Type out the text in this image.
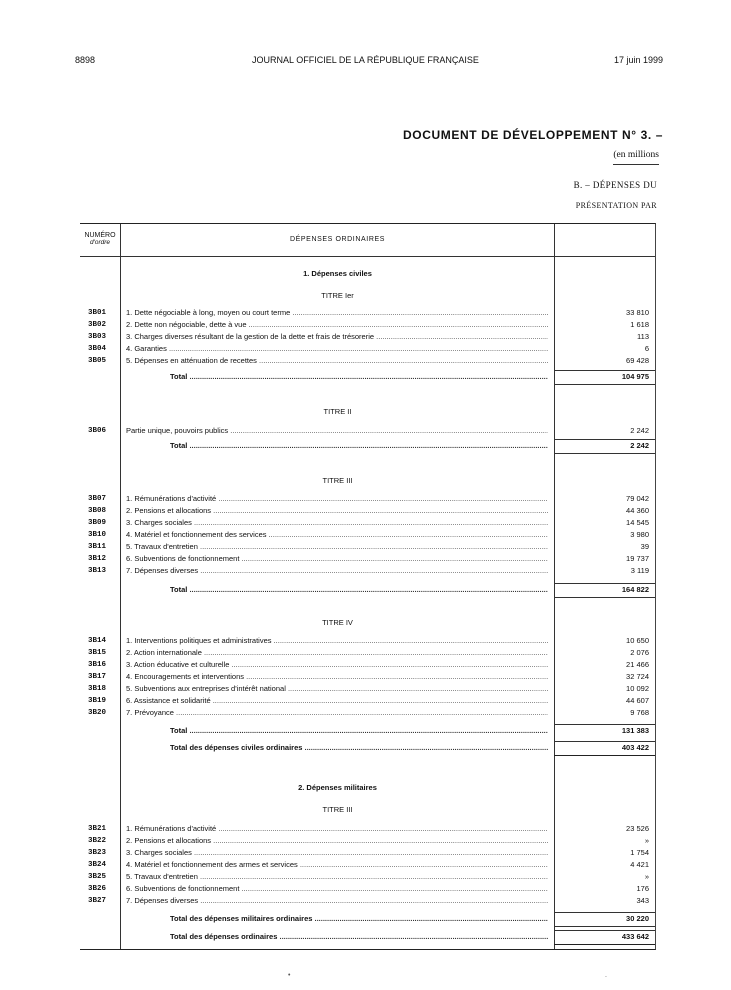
8898	JOURNAL OFFICIEL DE LA RÉPUBLIQUE FRANÇAISE	17 juin 1999
DOCUMENT DE DÉVELOPPEMENT N° 3. –
(en millions
B. – DÉPENSES DU
PRÉSENTATION PAR
NUMÉRO
d'ordre	DÉPENSES ORDINAIRES
1. Dépenses civiles
TITRE Ier
TITRE II
TITRE III
TITRE IV
2. Dépenses militaires
TITRE III
3B01	1. Dette négociable à long, moyen ou court terme .....	33 810
3B02	2. Dette non négociable, dette à vue .....	1 618
3B03	3. Charges diverses résultant de la gestion de la dette et frais de trésorerie .....	113
3B04	4. Garanties .....	6
3B05	5. Dépenses en atténuation de recettes .....	69 428
Total .....	104 975
3B06	Partie unique, pouvoirs publics .....	2 242
Total .....	2 242
3B07	1. Rémunérations d'activité .....	79 042
3B08	2. Pensions et allocations .....	44 360
3B09	3. Charges sociales .....	14 545
3B10	4. Matériel et fonctionnement des services .....	3 980
3B11	5. Travaux d'entretien .....	39
3B12	6. Subventions de fonctionnement .....	19 737
3B13	7. Dépenses diverses .....	3 119
Total .....	164 822
3B14	1. Interventions politiques et administratives .....	10 650
3B15	2. Action internationale .....	2 076
3B16	3. Action éducative et culturelle .....	21 466
3B17	4. Encouragements et interventions .....	32 724
3B18	5. Subventions aux entreprises d'intérêt national .....	10 092
3B19	6. Assistance et solidarité .....	44 607
3B20	7. Prévoyance .....	9 768
Total .....	131 383
Total des dépenses civiles ordinaires .....	403 422
3B21	1. Rémunérations d'activité .....	23 526
3B22	2. Pensions et allocations .....	»
3B23	3. Charges sociales .....	1 754
3B24	4. Matériel et fonctionnement des armes et services .....	4 421
3B25	5. Travaux d'entretien .....	»
3B26	6. Subventions de fonctionnement .....	176
3B27	7. Dépenses diverses .....	343
Total des dépenses militaires ordinaires .....	30 220
Total des dépenses ordinaires .....	433 642
•	.
